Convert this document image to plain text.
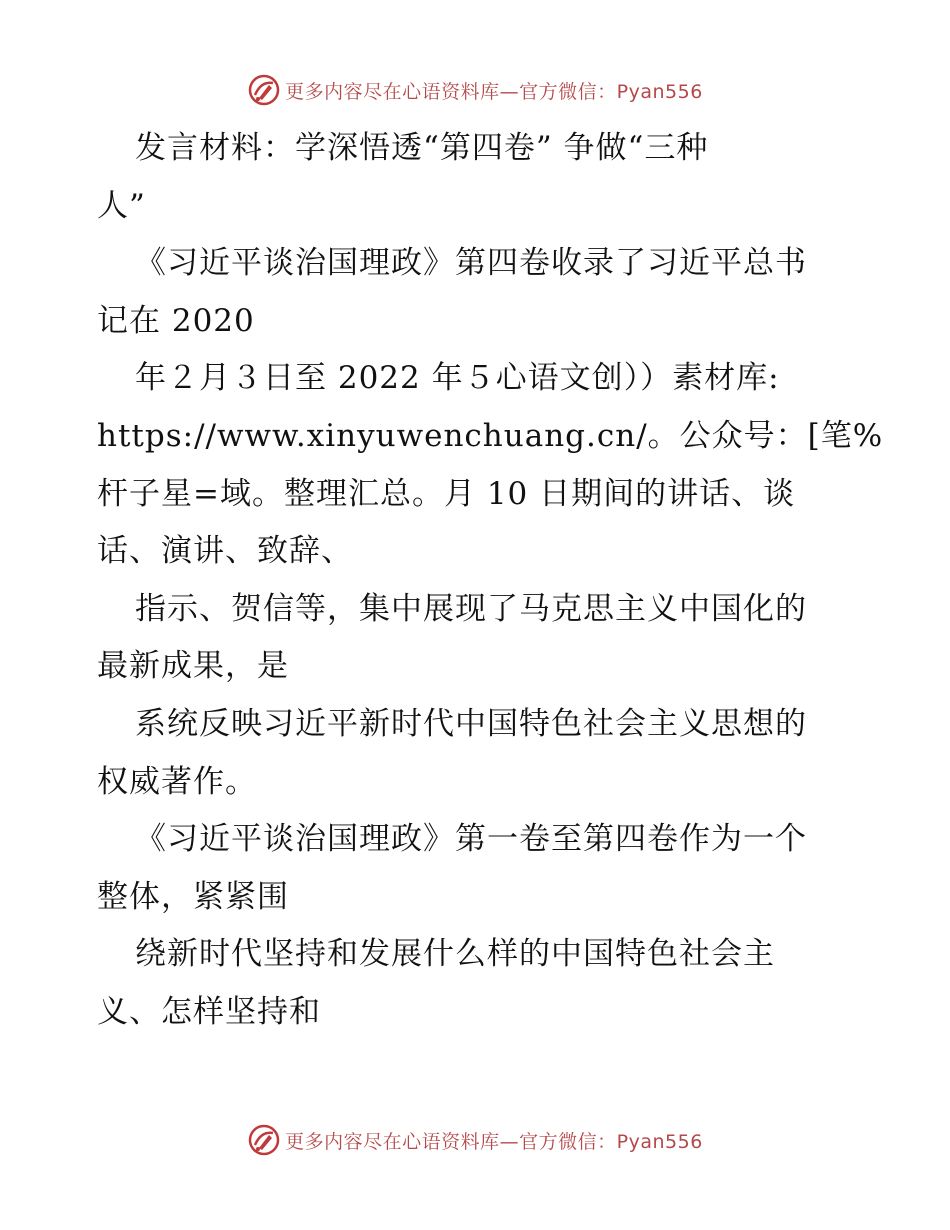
更多内容尽在心语资料库—官方微信：Pyan556
发言材料：学深悟透“第四卷” 争做“三种
人”
《习近平谈治国理政》第四卷收录了习近平总书
记在 2020
年２月３日至 2022 年５心语文创））素材库:
https://www.xinyuwenchuang.cn/。公众号：[笔%
杆子星=域。整理汇总。月 10 日期间的讲话、谈
话、演讲、致辞、
指示、贺信等，集中展现了马克思主义中国化的
最新成果，是
系统反映习近平新时代中国特色社会主义思想的
权威著作。
《习近平谈治国理政》第一卷至第四卷作为一个
整体，紧紧围
绕新时代坚持和发展什么样的中国特色社会主
义、怎样坚持和
更多内容尽在心语资料库—官方微信：Pyan556
